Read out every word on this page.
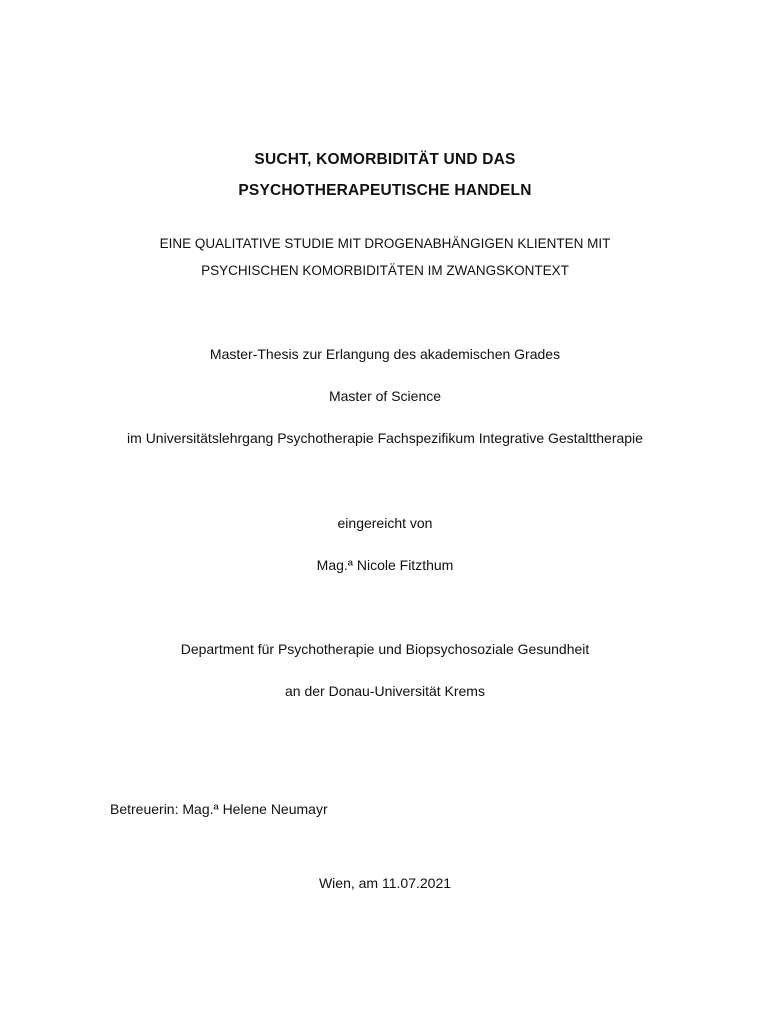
SUCHT, KOMORBIDITÄT UND DAS
PSYCHOTHERAPEUTISCHE HANDELN
EINE QUALITATIVE STUDIE MIT DROGENABHÄNGIGEN KLIENTEN MIT
PSYCHISCHEN KOMORBIDITÄTEN IM ZWANGSKONTEXT
Master-Thesis zur Erlangung des akademischen Grades
Master of Science
im Universitätslehrgang Psychotherapie Fachspezifikum Integrative Gestalttherapie
eingereicht von
Mag.ª Nicole Fitzthum
Department für Psychotherapie und Biopsychosoziale Gesundheit
an der Donau-Universität Krems
Betreuerin: Mag.ª Helene Neumayr
Wien, am 11.07.2021
